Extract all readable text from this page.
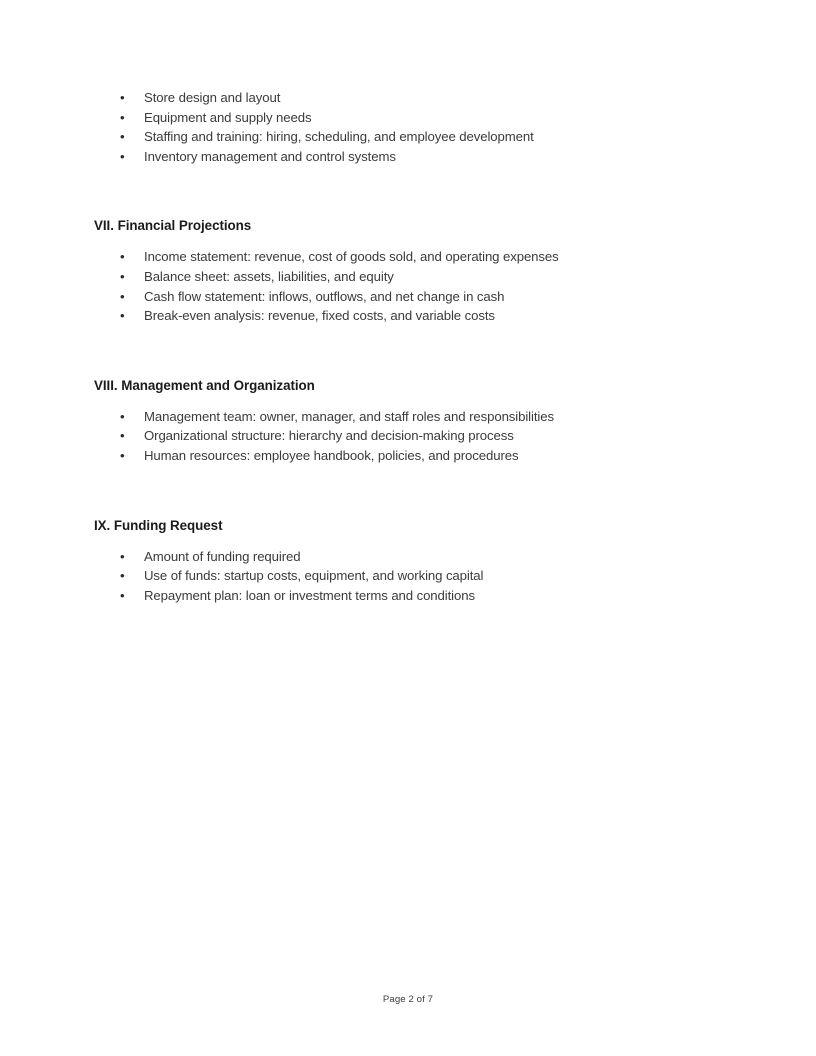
• Store design and layout
• Equipment and supply needs
• Staffing and training: hiring, scheduling, and employee development
• Inventory management and control systems
VII. Financial Projections
• Income statement: revenue, cost of goods sold, and operating expenses
• Balance sheet: assets, liabilities, and equity
• Cash flow statement: inflows, outflows, and net change in cash
• Break-even analysis: revenue, fixed costs, and variable costs
VIII. Management and Organization
• Management team: owner, manager, and staff roles and responsibilities
• Organizational structure: hierarchy and decision-making process
• Human resources: employee handbook, policies, and procedures
IX. Funding Request
• Amount of funding required
• Use of funds: startup costs, equipment, and working capital
• Repayment plan: loan or investment terms and conditions
Page 2 of 7
